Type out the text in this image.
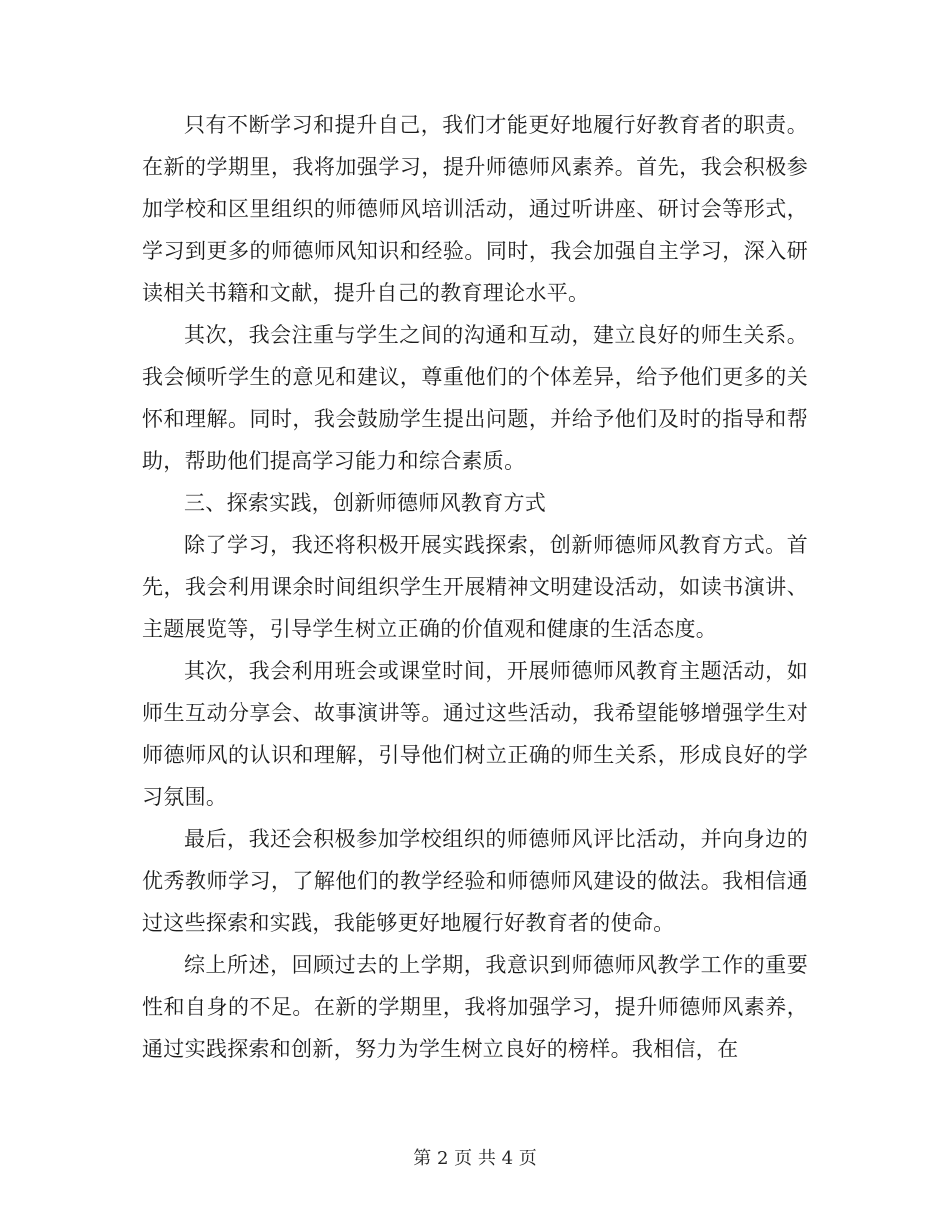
只有不断学习和提升自己，我们才能更好地履行好教育者的职责。在新的学期里，我将加强学习，提升师德师风素养。首先，我会积极参加学校和区里组织的师德师风培训活动，通过听讲座、研讨会等形式，学习到更多的师德师风知识和经验。同时，我会加强自主学习，深入研读相关书籍和文献，提升自己的教育理论水平。

其次，我会注重与学生之间的沟通和互动，建立良好的师生关系。我会倾听学生的意见和建议，尊重他们的个体差异，给予他们更多的关怀和理解。同时，我会鼓励学生提出问题，并给予他们及时的指导和帮助，帮助他们提高学习能力和综合素质。

三、探索实践，创新师德师风教育方式

除了学习，我还将积极开展实践探索，创新师德师风教育方式。首先，我会利用课余时间组织学生开展精神文明建设活动，如读书演讲、主题展览等，引导学生树立正确的价值观和健康的生活态度。

其次，我会利用班会或课堂时间，开展师德师风教育主题活动，如师生互动分享会、故事演讲等。通过这些活动，我希望能够增强学生对师德师风的认识和理解，引导他们树立正确的师生关系，形成良好的学习氛围。

最后，我还会积极参加学校组织的师德师风评比活动，并向身边的优秀教师学习，了解他们的教学经验和师德师风建设的做法。我相信通过这些探索和实践，我能够更好地履行好教育者的使命。

综上所述，回顾过去的上学期，我意识到师德师风教学工作的重要性和自身的不足。在新的学期里，我将加强学习，提升师德师风素养，通过实践探索和创新，努力为学生树立良好的榜样。我相信，在

第 2 页 共 4 页
